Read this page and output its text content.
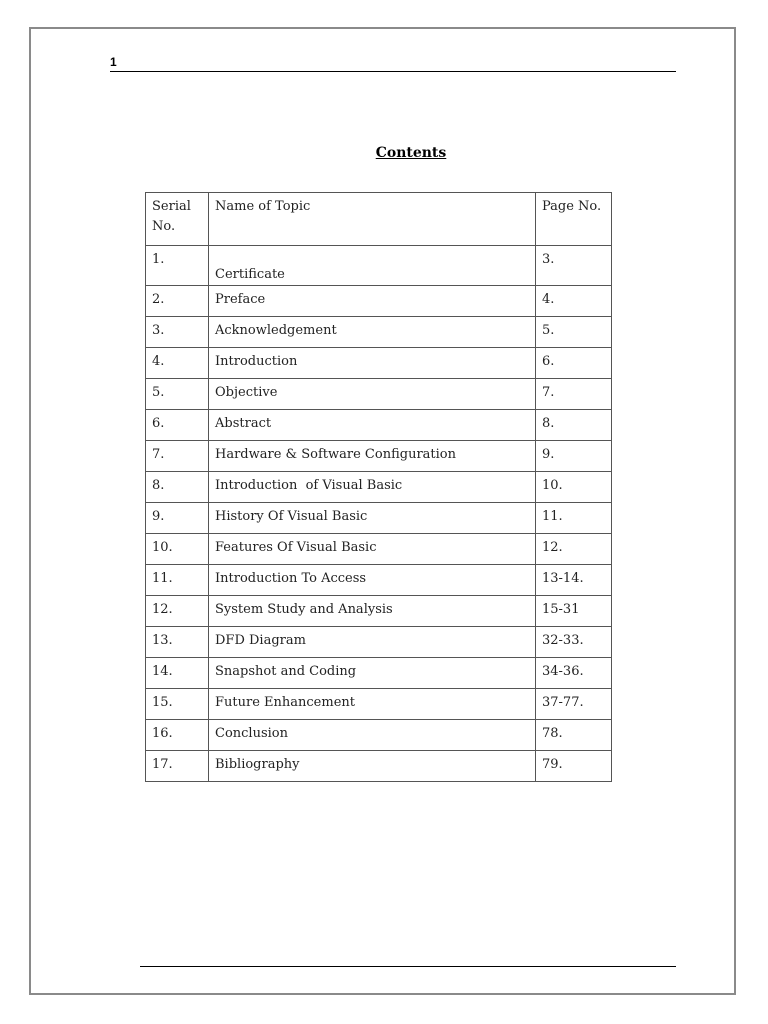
1
Contents
Serial No.	Name of Topic	Page No.
1.	Certificate	3.
2.	Preface	4.
3.	Acknowledgement	5.
4.	Introduction	6.
5.	Objective	7.
6.	Abstract	8.
7.	Hardware & Software Configuration	9.
8.	Introduction  of Visual Basic	10.
9.	History Of Visual Basic	11.
10.	Features Of Visual Basic	12.
11.	Introduction To Access	13-14.
12.	System Study and Analysis	15-31
13.	DFD Diagram	32-33.
14.	Snapshot and Coding	34-36.
15.	Future Enhancement	37-77.
16.	Conclusion	78.
17.	Bibliography	79.
